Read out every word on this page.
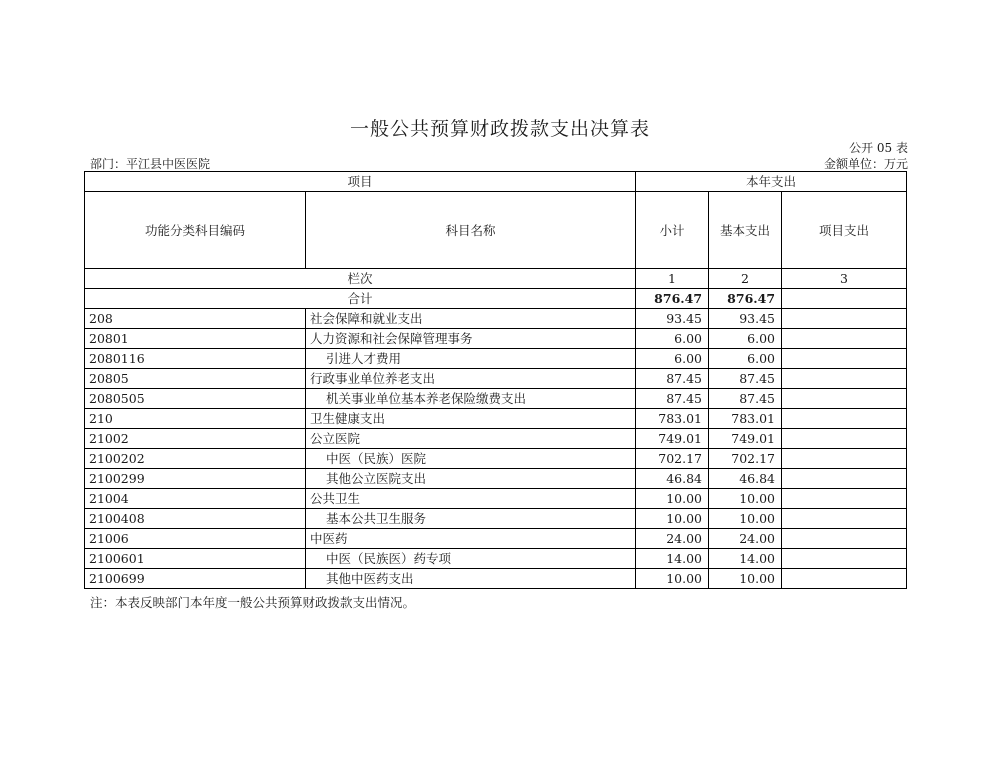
一般公共预算财政拨款支出决算表
公开 05 表
部门：平江县中医医院	金额单位：万元
项目		本年支出		
功能分类科目编码	科目名称	小计	基本支出	项目支出
栏次		1	2	3
合计		876.47	876.47	
208	社会保障和就业支出	93.45	93.45	
20801	人力资源和社会保障管理事务	6.00	6.00	
2080116	引进人才费用	6.00	6.00	
20805	行政事业单位养老支出	87.45	87.45	
2080505	机关事业单位基本养老保险缴费支出	87.45	87.45	
210	卫生健康支出	783.01	783.01	
21002	公立医院	749.01	749.01	
2100202	中医（民族）医院	702.17	702.17	
2100299	其他公立医院支出	46.84	46.84	
21004	公共卫生	10.00	10.00	
2100408	基本公共卫生服务	10.00	10.00	
21006	中医药	24.00	24.00	
2100601	中医（民族医）药专项	14.00	14.00	
2100699	其他中医药支出	10.00	10.00	
注：本表反映部门本年度一般公共预算财政拨款支出情况。
